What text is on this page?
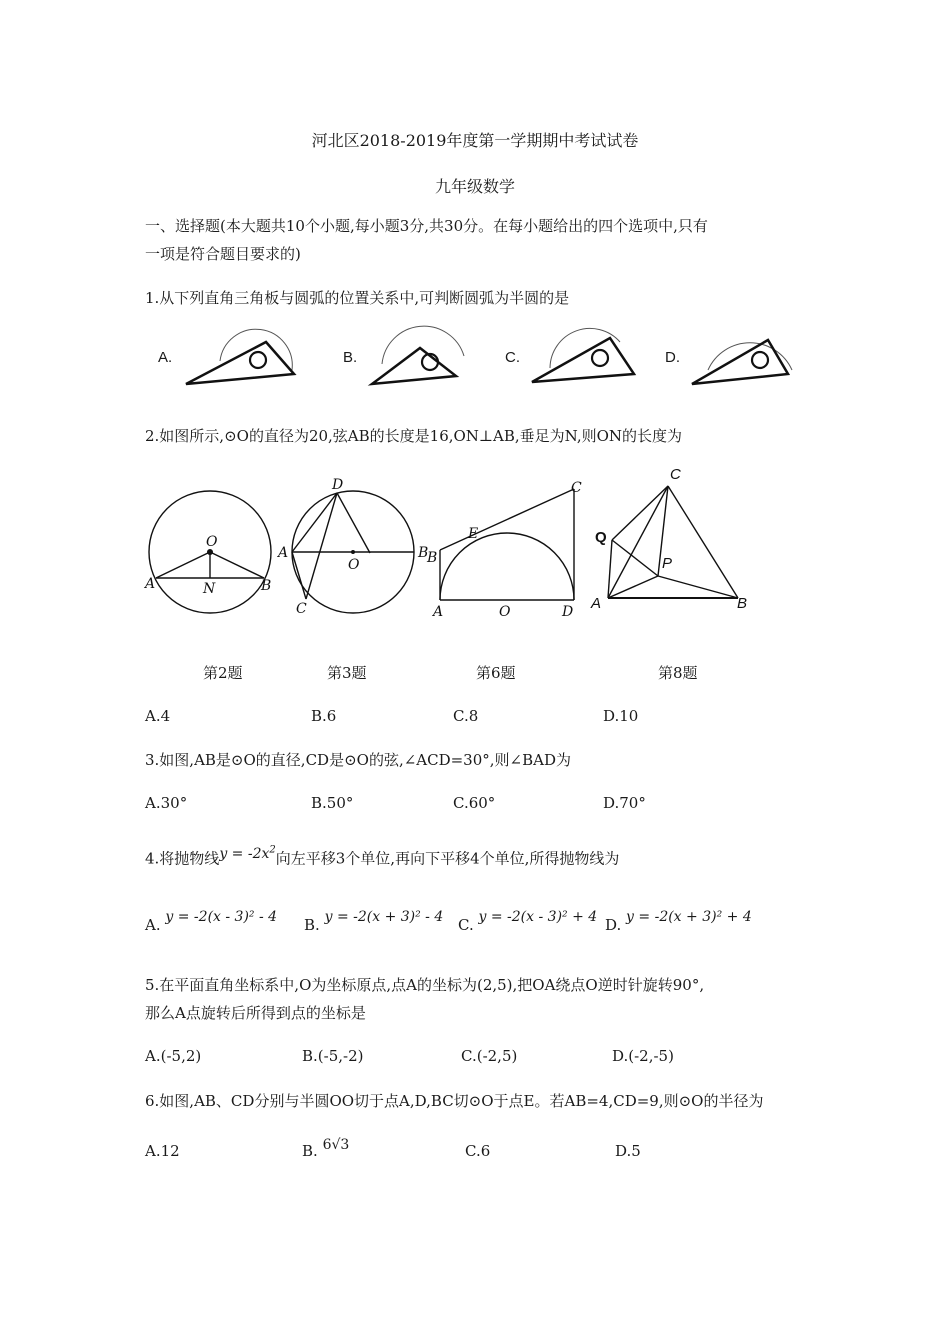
河北区2018-2019年度第一学期期中考试试卷
九年级数学
一、选择题(本大题共10个小题,每小题3分,共30分。在每小题给出的四个选项中,只有
一项是符合题目要求的)
1.从下列直角三角板与圆弧的位置关系中,可判断圆弧为半圆的是
A.	B.	C.	D.
2.如图所示,⊙O的直径为20,弦AB的长度是16,ON⊥AB,垂足为N,则ON的长度为
O
A	B
N
D
A
O
B
C
C
E
B
A	O	D
C
Q
P
A	B
第2题	第3题	第6题	第8题
A.4	B.6	C.8	D.10
3.如图,AB是⊙O的直径,CD是⊙O的弦,∠ACD=30°,则∠BAD为
A.30°	B.50°	C.60°	D.70°
4.将抛物线$y = -2x^2$向左平移3个单位,再向下平移4个单位,所得抛物线为
A. y = -2(x - 3)² - 4 B. y = -2(x + 3)² - 4 C. y = -2(x - 3)² + 4 D. y = -2(x + 3)² + 4
5.在平面直角坐标系中,O为坐标原点,点A的坐标为(2,5),把OA绕点O逆时针旋转90°,
那么A点旋转后所得到点的坐标是
A.(-5,2)	B.(-5,-2)	C.(-2,5)	D.(-2,-5)
6.如图,AB、CD分别与半圆OO切于点A,D,BC切⊙O于点E。若AB=4,CD=9,则⊙O的半径为
A.12	B. 6√3	C.6	D.5
